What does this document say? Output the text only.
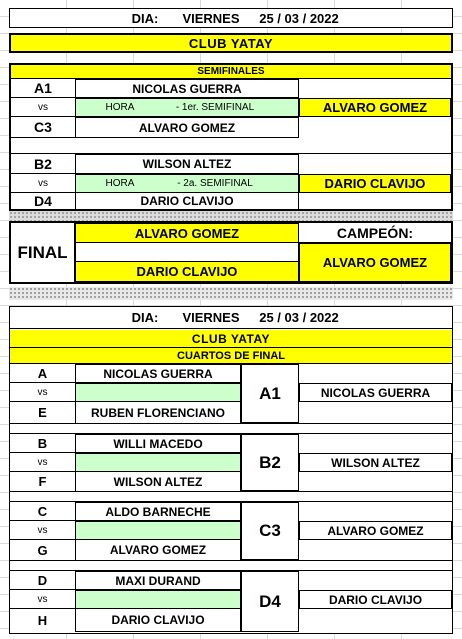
DIA:	VIERNES	25 / 03 / 2022
CLUB YATAY
SEMIFINALES
A1	NICOLAS GUERRA
vs	HORA	- 1er. SEMIFINAL	ALVARO GOMEZ
C3	ALVARO GOMEZ
B2	WILSON ALTEZ
vs	HORA	- 2a. SEMIFINAL	DARIO CLAVIJO
D4	DARIO CLAVIJO
FINAL
ALVARO GOMEZ
DARIO CLAVIJO
CAMPEÓN:
ALVARO GOMEZ
DIA:	VIERNES	25 / 03 / 2022
CLUB YATAY
CUARTOS DE FINAL
A	NICOLAS GUERRA
vs
E	RUBEN FLORENCIANO
A1	NICOLAS GUERRA
B	WILLI MACEDO
vs
F	WILSON ALTEZ
B2	WILSON ALTEZ
C	ALDO BARNECHE
vs
G	ALVARO GOMEZ
C3	ALVARO GOMEZ
D	MAXI DURAND
vs
H	DARIO CLAVIJO
D4	DARIO CLAVIJO
